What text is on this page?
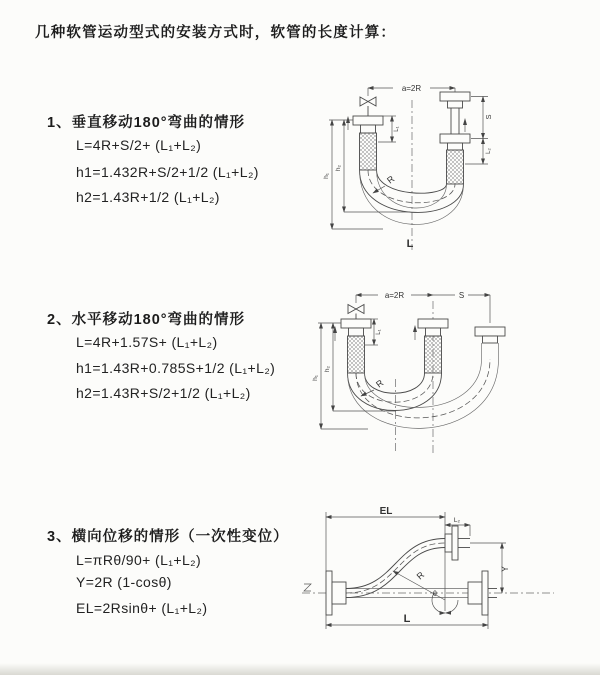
几种软管运动型式的安装方式时，软管的长度计算：
1、垂直移动180°弯曲的情形
L=4R+S/2+ (L₁+L₂)
h1=1.432R+S/2+1/2 (L₁+L₂)
h2=1.43R+1/2 (L₁+L₂)
2、水平移动180°弯曲的情形
L=4R+1.57S+ (L₁+L₂)
h1=1.43R+0.785S+1/2 (L₁+L₂)
h2=1.43R+S/2+1/2 (L₁+L₂)
3、横向位移的情形（一次性变位）
L=πRθ/90+ (L₁+L₂)
Y=2R (1-cosθ)
EL=2Rsinθ+ (L₁+L₂)
a=2R
S
L₂
L₁
h₂
h₁	R
L
a=2R	S
L₁
h₂
h₁	R
EL
L₂
Y
R
θ
L
